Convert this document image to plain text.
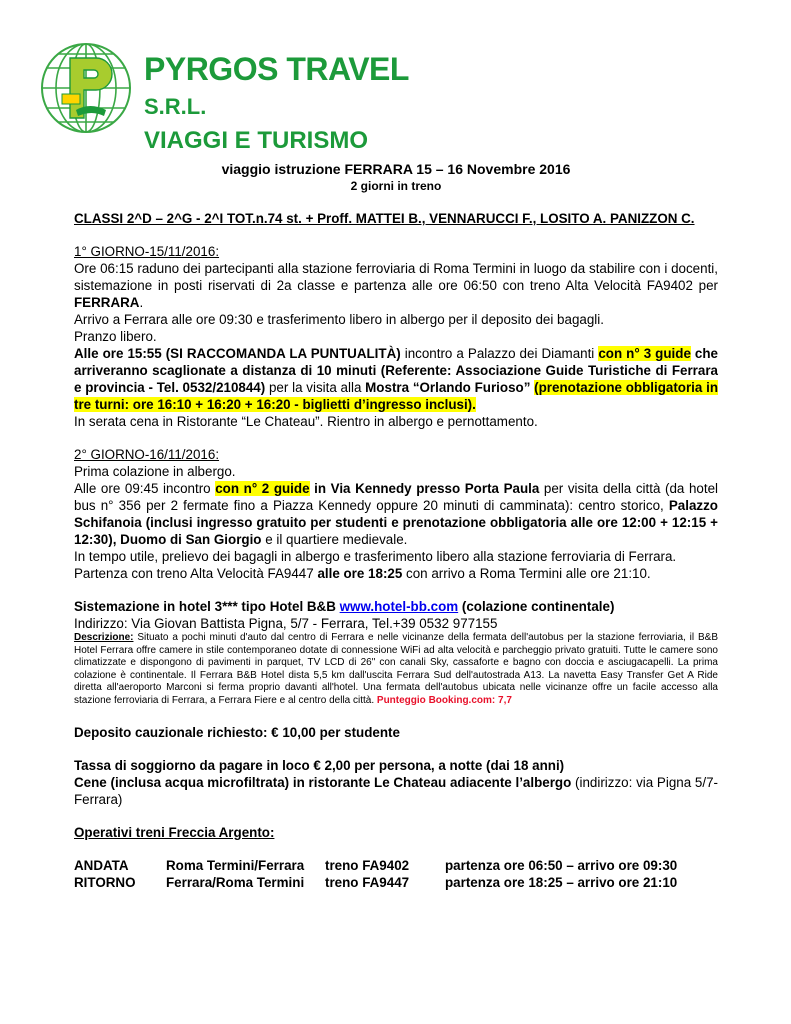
PYRGOS TRAVEL S.R.L.
VIAGGI E TURISMO

viaggio istruzione FERRARA 15 – 16 Novembre 2016

2 giorni in treno

CLASSI 2^D – 2^G - 2^I TOT.n.74 st. + Proff. MATTEI B., VENNARUCCI F., LOSITO A. PANIZZON C.

1° GIORNO-15/11/2016:

Ore 06:15 raduno dei partecipanti alla stazione ferroviaria di Roma Termini in luogo da stabilire con i docenti, sistemazione in posti riservati di 2a classe e partenza alle ore 06:50 con treno Alta Velocità FA9402 per FERRARA.

Arrivo a Ferrara alle ore 09:30 e trasferimento libero in albergo per il deposito dei bagagli.

Pranzo libero.

Alle ore 15:55 (SI RACCOMANDA LA PUNTUALITÀ) incontro a Palazzo dei Diamanti con n° 3 guide che arriveranno scaglionate a distanza di 10 minuti (Referente: Associazione Guide Turistiche di Ferrara e provincia - Tel. 0532/210844) per la visita alla Mostra “Orlando Furioso” (prenotazione obbligatoria in tre turni: ore 16:10 + 16:20 + 16:20 - biglietti d’ingresso inclusi).

In serata cena in Ristorante “Le Chateau”. Rientro in albergo e pernottamento.

2° GIORNO-16/11/2016:

Prima colazione in albergo.

Alle ore 09:45 incontro con n° 2 guide in Via Kennedy presso Porta Paula per visita della città (da hotel bus n° 356 per 2 fermate fino a Piazza Kennedy oppure 20 minuti di camminata): centro storico, Palazzo Schifanoia (inclusi ingresso gratuito per studenti e prenotazione obbligatoria alle ore 12:00 + 12:15 + 12:30), Duomo di San Giorgio e il quartiere medievale.

In tempo utile, prelievo dei bagagli in albergo e trasferimento libero alla stazione ferroviaria di Ferrara.

Partenza con treno Alta Velocità FA9447 alle ore 18:25 con arrivo a Roma Termini alle ore 21:10.

Sistemazione in hotel 3*** tipo Hotel B&B www.hotel-bb.com (colazione continentale)

Indirizzo: Via Giovan Battista Pigna, 5/7 - Ferrara, Tel.+39 0532 977155

Descrizione: Situato a pochi minuti d'auto dal centro di Ferrara e nelle vicinanze della fermata dell'autobus per la stazione ferroviaria, il B&B Hotel Ferrara offre camere in stile contemporaneo dotate di connessione WiFi ad alta velocità e parcheggio privato gratuiti. Tutte le camere sono climatizzate e dispongono di pavimenti in parquet, TV LCD di 26" con canali Sky, cassaforte e bagno con doccia e asciugacapelli. La prima colazione è continentale. Il Ferrara B&B Hotel dista 5,5 km dall'uscita Ferrara Sud dell'autostrada A13. La navetta Easy Transfer Get A Ride diretta all'aeroporto Marconi si ferma proprio davanti all'hotel. Una fermata dell'autobus ubicata nelle vicinanze offre un facile accesso alla stazione ferroviaria di Ferrara, a Ferrara Fiere e al centro della città. Punteggio Booking.com: 7,7

Deposito cauzionale richiesto: € 10,00 per studente

Tassa di soggiorno da pagare in loco € 2,00 per persona, a notte (dai 18 anni)

Cene (inclusa acqua microfiltrata) in ristorante Le Chateau adiacente l’albergo (indirizzo: via Pigna 5/7-Ferrara)

Operativi treni Freccia Argento:

ANDATA	Roma Termini/Ferrara	treno FA9402	partenza ore 06:50 – arrivo ore 09:30
RITORNO	Ferrara/Roma Termini	treno FA9447	partenza ore 18:25 – arrivo ore 21:10
